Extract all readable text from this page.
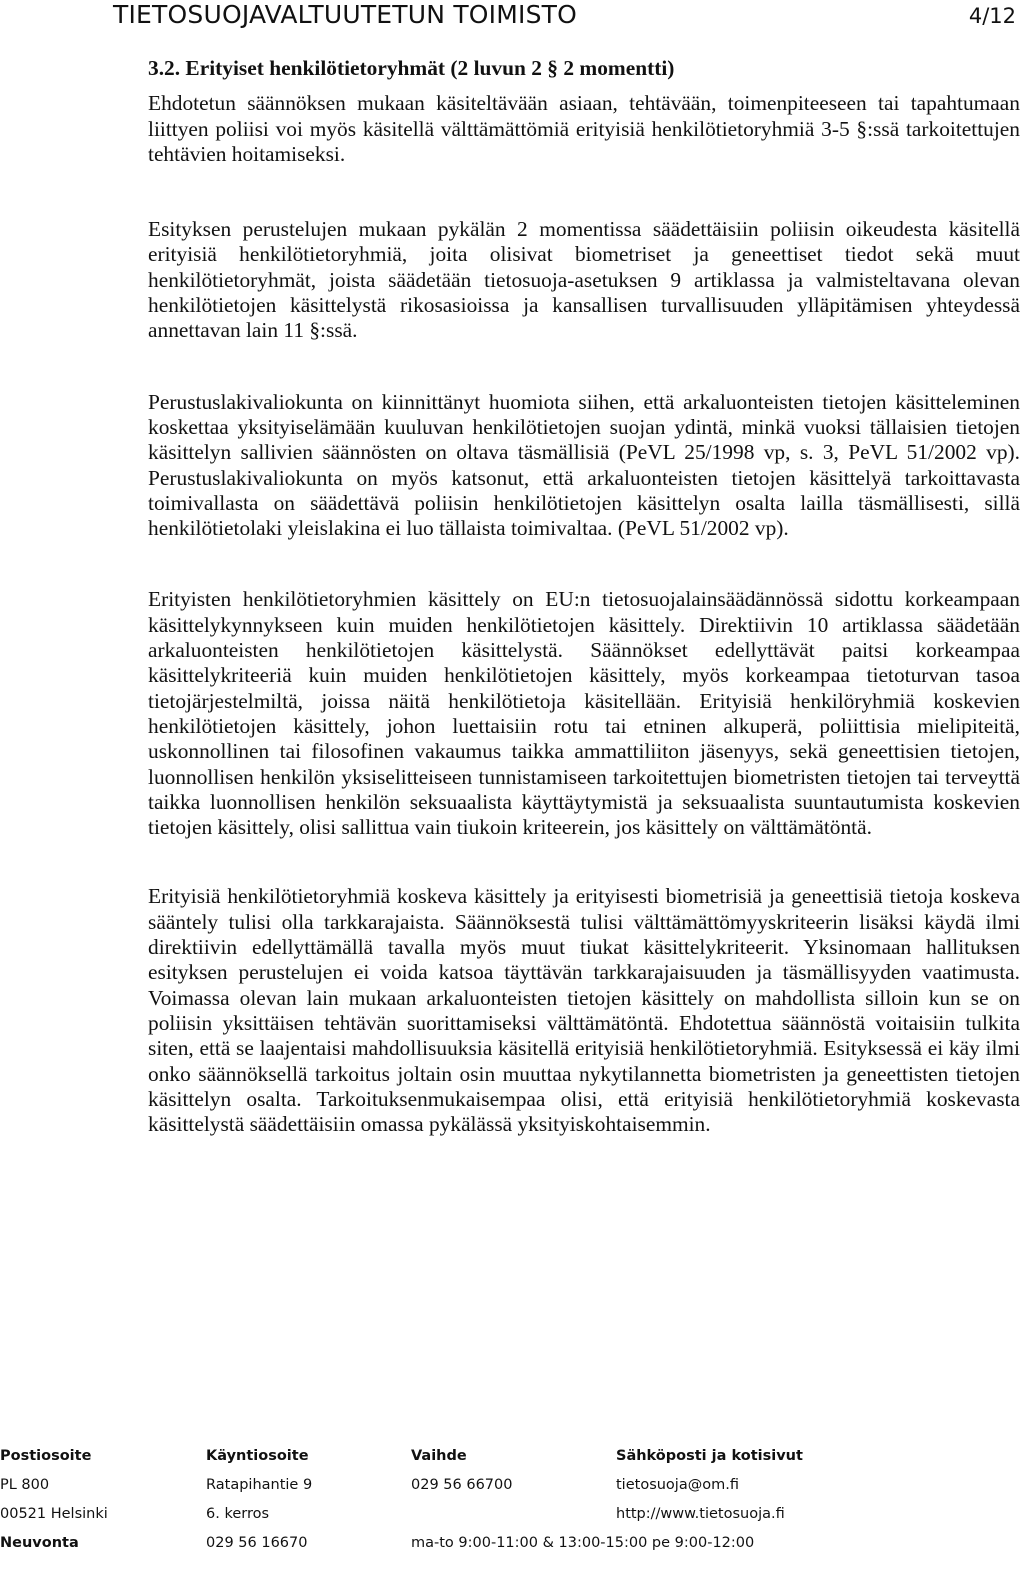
TIETOSUOJAVALTUUTETUN TOIMISTO	4/12
3.2. Erityiset henkilötietoryhmät (2 luvun 2 § 2 momentti)

Ehdotetun säännöksen mukaan käsiteltävään asiaan, tehtävään, toimenpiteeseen tai tapahtumaan liittyen poliisi voi myös käsitellä välttämättömiä erityisiä henkilötietoryhmiä 3-5 §:ssä tarkoitettujen tehtävien hoitamiseksi.

Esityksen perustelujen mukaan pykälän 2 momentissa säädettäisiin poliisin oikeudesta käsitellä erityisiä henkilötietoryhmiä, joita olisivat biometriset ja geneettiset tiedot sekä muut henkilötietoryhmät, joista säädetään tietosuoja-asetuksen 9 artiklassa ja valmisteltavana olevan henkilötietojen käsittelystä rikosasioissa ja kansallisen turvallisuuden ylläpitämisen yhteydessä annettavan lain 11 §:ssä.

Perustuslakivaliokunta on kiinnittänyt huomiota siihen, että arkaluonteisten tietojen käsitteleminen koskettaa yksityiselämään kuuluvan henkilötietojen suojan ydintä, minkä vuoksi tällaisien tietojen käsittelyn sallivien säännösten on oltava täsmällisiä (PeVL 25/1998 vp, s. 3, PeVL 51/2002 vp). Perustuslakivaliokunta on myös katsonut, että arkaluonteisten tietojen käsittelyä tarkoittavasta toimivallasta on säädettävä poliisin henkilötietojen käsittelyn osalta lailla täsmällisesti, sillä henkilötietolaki yleislakina ei luo tällaista toimivaltaa. (PeVL 51/2002 vp).

Erityisten henkilötietoryhmien käsittely on EU:n tietosuojalainsäädännössä sidottu korkeampaan käsittelykynnykseen kuin muiden henkilötietojen käsittely. Direktiivin 10 artiklassa säädetään arkaluonteisten henkilötietojen käsittelystä. Säännökset edellyttävät paitsi korkeampaa käsittelykriteeriä kuin muiden henkilötietojen käsittely, myös korkeampaa tietoturvan tasoa tietojärjestelmiltä, joissa näitä henkilötietoja käsitellään. Erityisiä henkilöryhmiä koskevien henkilötietojen käsittely, johon luettaisiin rotu tai etninen alkuperä, poliittisia mielipiteitä, uskonnollinen tai filosofinen vakaumus taikka ammattiliiton jäsenyys, sekä geneettisien tietojen, luonnollisen henkilön yksiselitteiseen tunnistamiseen tarkoitettujen biometristen tietojen tai terveyttä taikka luonnollisen henkilön seksuaalista käyttäytymistä ja seksuaalista suuntautumista koskevien tietojen käsittely, olisi sallittua vain tiukoin kriteerein, jos käsittely on välttämätöntä.

Erityisiä henkilötietoryhmiä koskeva käsittely ja erityisesti biometrisiä ja geneettisiä tietoja koskeva sääntely tulisi olla tarkkarajaista. Säännöksestä tulisi välttämättömyyskriteerin lisäksi käydä ilmi direktiivin edellyttämällä tavalla myös muut tiukat käsittelykriteerit. Yksinomaan hallituksen esityksen perustelujen ei voida katsoa täyttävän tarkkarajaisuuden ja täsmällisyyden vaatimusta. Voimassa olevan lain mukaan arkaluonteisten tietojen käsittely on mahdollista silloin kun se on poliisin yksittäisen tehtävän suorittamiseksi välttämätöntä. Ehdotettua säännöstä voitaisiin tulkita siten, että se laajentaisi mahdollisuuksia käsitellä erityisiä henkilötietoryhmiä. Esityksessä ei käy ilmi onko säännöksellä tarkoitus joltain osin muuttaa nykytilannetta biometristen ja geneettisten tietojen käsittelyn osalta. Tarkoituksenmukaisempaa olisi, että erityisiä henkilötietoryhmiä koskevasta käsittelystä säädettäisiin omassa pykälässä yksityiskohtaisemmin.

Postiosoite
PL 800
00521 Helsinki
Neuvonta
Käyntiosoite
Ratapihantie 9
6. kerros
029 56 16670
Vaihde
029 56 66700
ma-to 9:00-11:00 & 13:00-15:00 pe 9:00-12:00
Sähköposti ja kotisivut
tietosuoja@om.fi
http://www.tietosuoja.fi
